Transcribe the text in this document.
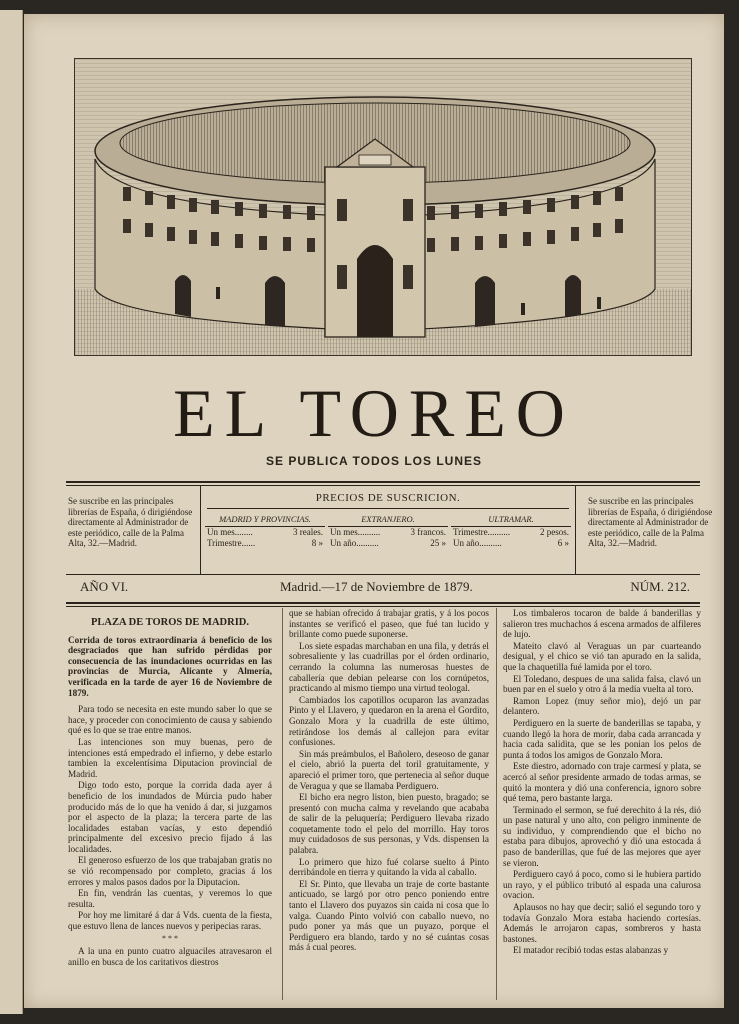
EL TOREO
SE PUBLICA TODOS LOS LUNES
Se suscribe en las principales librerías de España, ó dirigiéndose directamente al Administrador de este periódico, calle de la Palma Alta, 32.—Madrid.
PRECIOS DE SUSCRICION.
MADRID Y PROVINCIAS.
Un mes........	3 reales.
Trimestre......	8 »
EXTRANJERO.
Un mes..........	3 francos.
Un año..........	25 »
ULTRAMAR.
Trimestre..........	2 pesos.
Un año..........	6 »
Se suscribe en las principales librerías de España, ó dirigiéndose directamente al Administrador de este periódico, calle de la Palma Alta, 32.—Madrid.
AÑO VI.	Madrid.—17 de Noviembre de 1879.	NÚM. 212.
PLAZA DE TOROS DE MADRID.

Corrida de toros extraordinaria á beneficio de los desgraciados que han sufrido pérdidas por consecuencia de las inundaciones ocurridas en las provincias de Murcia, Alicante y Almería, verificada en la tarde de ayer 16 de Noviembre de 1879.

Para todo se necesita en este mundo saber lo que se hace, y proceder con conocimiento de causa y sabiendo qué es lo que se trae entre manos.

Las intenciones son muy buenas, pero de intenciones está empedrado el infierno, y debe estarlo tambien la excelentísima Diputacion provincial de Madrid.

Digo todo esto, porque la corrida dada ayer á beneficio de los inundados de Múrcia pudo haber producido más de lo que ha venido á dar, si juzgamos por el aspecto de la plaza; la tercera parte de las localidades estaban vacías, y esto dependió principalmente del excesivo precio fijado á las localidades.

El generoso esfuerzo de los que trabajaban gratis no se vió recompensado por completo, gracias á los errores y malos pasos dados por la Diputacion.

En fin, vendrán las cuentas, y veremos lo que resulta.

Por hoy me limitaré á dar á Vds. cuenta de la fiesta, que estuvo llena de lances nuevos y peripecias raras.

* * *

A la una en punto cuatro alguaciles atravesaron el anillo en busca de los caritativos diestros

que se habian ofrecido á trabajar gratis, y á los pocos instantes se verificó el paseo, que fué tan lucido y brillante como puede suponerse.

Los siete espadas marchaban en una fila, y detrás el sobresaliente y las cuadrillas por el órden ordinario, cerrando la columna las numerosas huestes de caballería que debian pelearse con los cornúpetos, practicando al mismo tiempo una virtud teologal.

Cambiados los capotillos ocuparon las avanzadas Pinto y el Llavero, y quedaron en la arena el Gordito, Gonzalo Mora y la cuadrilla de este último, retirándose los demás al callejon para evitar confusiones.

Sin más preámbulos, el Bañolero, deseoso de ganar el cielo, abrió la puerta del toril gratuitamente, y apareció el primer toro, que pertenecia al señor duque de Veragua y que se llamaba Perdiguero.

El bicho era negro liston, bien puesto, bragado; se presentó con mucha calma y revelando que acababa de salir de la peluquería; Perdiguero llevaba rizado coquetamente todo el pelo del morrillo. Hay toros muy cuidadosos de sus personas, y Vds. dispensen la palabra.

Lo primero que hizo fué colarse suelto á Pinto derribándole en tierra y quitando la vida al caballo.

El Sr. Pinto, que llevaba un traje de corte bastante anticuado, se largó por otro penco poniendo entre tanto el Llavero dos puyazos sin caida ni cosa que lo valga. Cuando Pinto volvió con caballo nuevo, no pudo poner ya más que un puyazo, porque el Perdiguero era blando, tardo y no sé cuántas cosas más á cual peores.

Los timbaleros tocaron de balde á banderillas y salieron tres muchachos á escena armados de alfileres de lujo.

Mateito clavó al Veraguas un par cuarteando desigual, y el chico se vió tan apurado en la salida, que la chaquetilla fué lamida por el toro.

El Toledano, despues de una salida falsa, clavó un buen par en el suelo y otro á la media vuelta al toro.

Ramon Lopez (muy señor mio), dejó un par delantero.

Perdiguero en la suerte de banderillas se tapaba, y cuando llegó la hora de morir, daba cada arrancada y hacia cada salidita, que se les ponian los pelos de punta á todos los amigos de Gonzalo Mora.

Este diestro, adornado con traje carmesí y plata, se acercó al señor presidente armado de todas armas, se quitó la montera y dió una conferencia, ignoro sobre qué tema, pero bastante larga.

Terminado el sermon, se fué derechito á la rés, dió un pase natural y uno alto, con peligro inminente de su individuo, y comprendiendo que el bicho no estaba para dibujos, aprovechó y dió una estocada á paso de banderillas, que fué de las mejores que ayer se vieron.

Perdiguero cayó á poco, como si le hubiera partido un rayo, y el público tributó al espada una calurosa ovacion.

Aplausos no hay que decir; salió el segundo toro y todavía Gonzalo Mora estaba haciendo cortesías. Además le arrojaron capas, sombreros y hasta bastones.

El matador recibió todas estas alabanzas y
